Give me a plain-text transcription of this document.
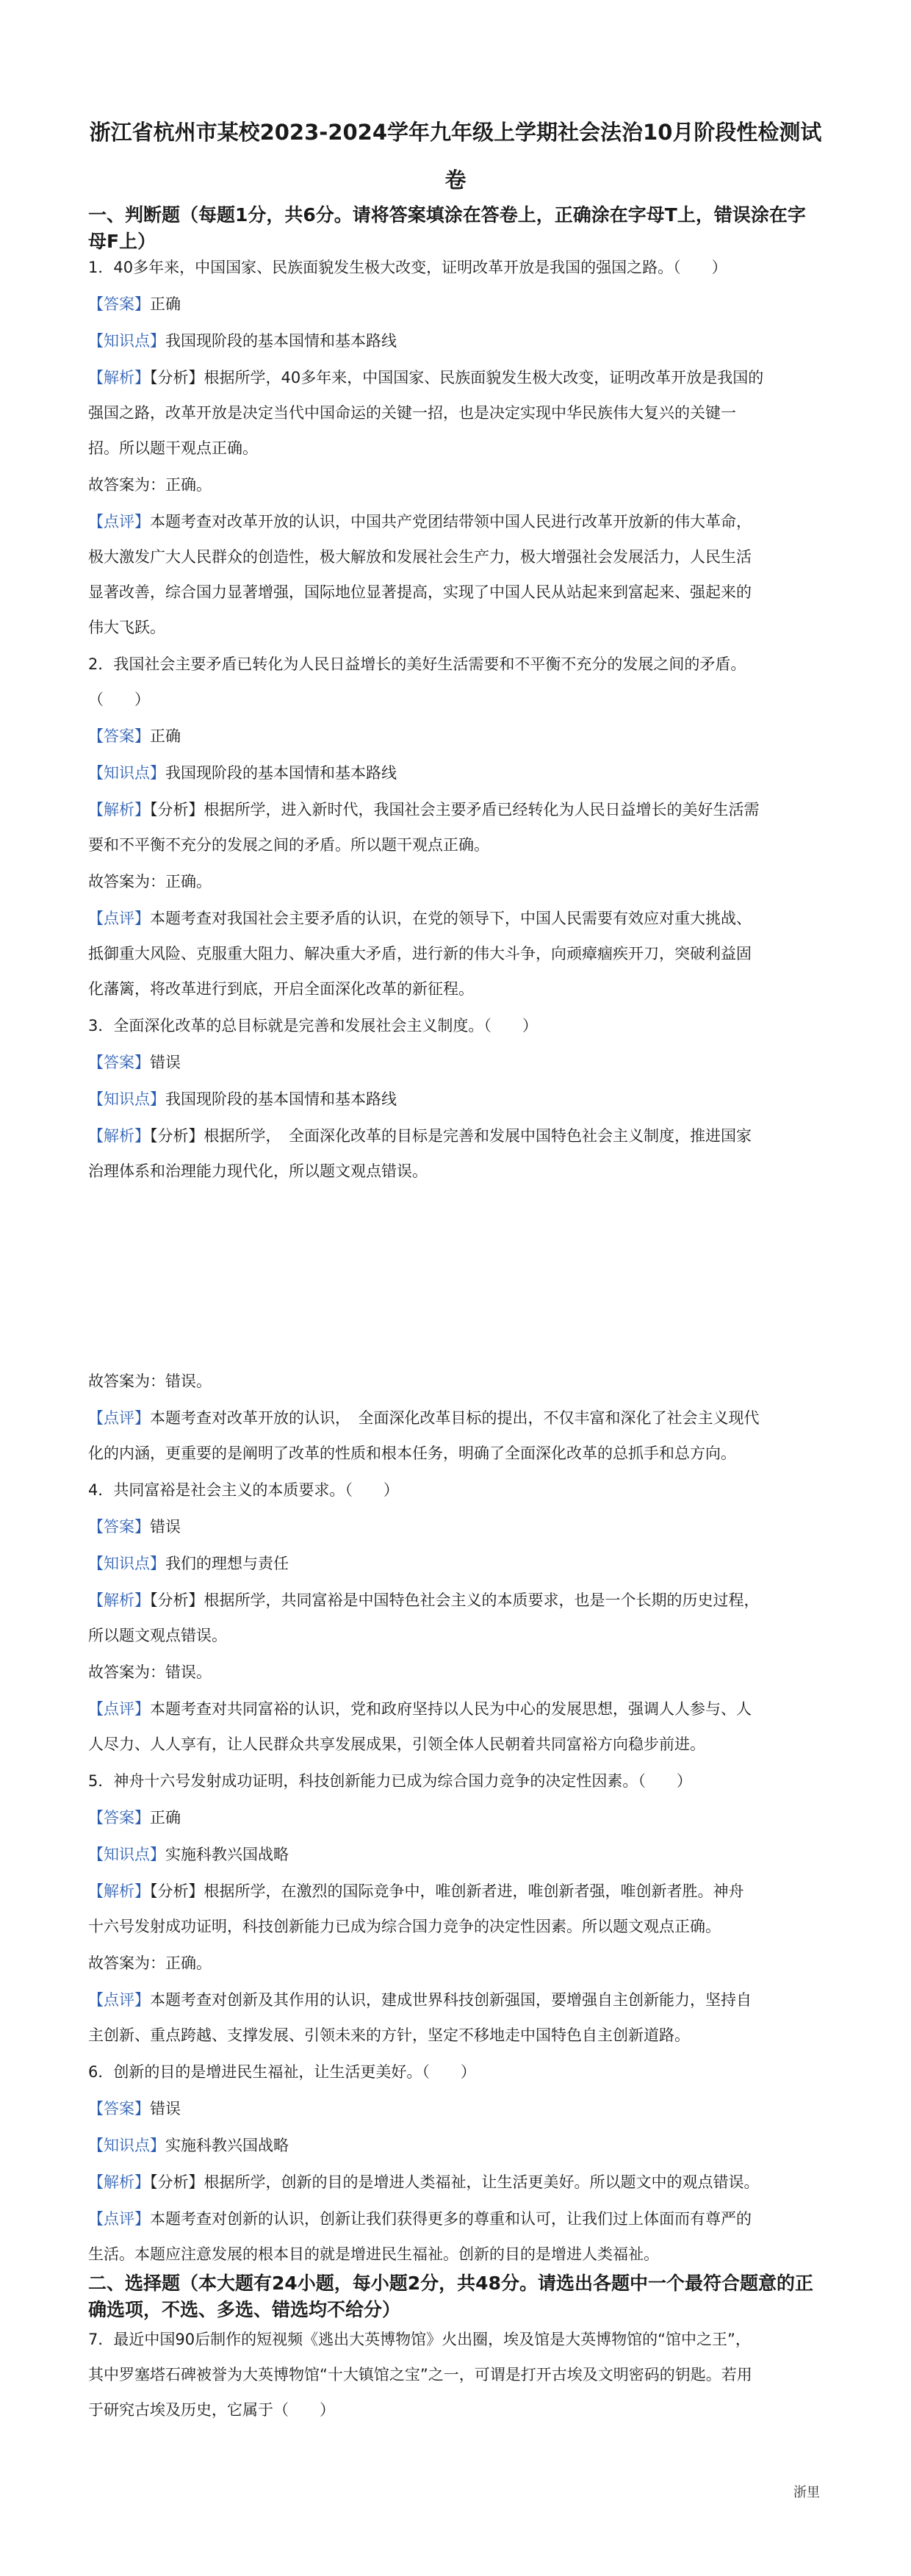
浙江省杭州市某校2023-2024学年九年级上学期社会法治10月阶段性检测试
卷
一、判断题（每题1分，共6分。请将答案填涂在答卷上，正确涂在字母T上，错误涂在字
母F上）
1．40多年来，中国国家、民族面貌发生极大改变，证明改革开放是我国的强国之路。（　　）
【答案】正确
【知识点】我国现阶段的基本国情和基本路线
【解析】【分析】根据所学，40多年来，中国国家、民族面貌发生极大改变，证明改革开放是我国的
强国之路，改革开放是决定当代中国命运的关键一招，也是决定实现中华民族伟大复兴的关键一
招。所以题干观点正确。
故答案为：正确。
【点评】本题考查对改革开放的认识，中国共产党团结带领中国人民进行改革开放新的伟大革命，
极大激发广大人民群众的创造性，极大解放和发展社会生产力，极大增强社会发展活力，人民生活
显著改善，综合国力显著增强，国际地位显著提高，实现了中国人民从站起来到富起来、强起来的
伟大飞跃。
2．我国社会主要矛盾已转化为人民日益增长的美好生活需要和不平衡不充分的发展之间的矛盾。
（　　）
【答案】正确
【知识点】我国现阶段的基本国情和基本路线
【解析】【分析】根据所学，进入新时代，我国社会主要矛盾已经转化为人民日益增长的美好生活需
要和不平衡不充分的发展之间的矛盾。所以题干观点正确。
故答案为：正确。
【点评】本题考查对我国社会主要矛盾的认识，在党的领导下，中国人民需要有效应对重大挑战、
抵御重大风险、克服重大阻力、解决重大矛盾，进行新的伟大斗争，向顽瘴痼疾开刀，突破利益固
化藩篱，将改革进行到底，开启全面深化改革的新征程。
3．全面深化改革的总目标就是完善和发展社会主义制度。（　　）
【答案】错误
【知识点】我国现阶段的基本国情和基本路线
【解析】【分析】根据所学，　全面深化改革的目标是完善和发展中国特色社会主义制度，推进国家
治理体系和治理能力现代化，所以题文观点错误。
故答案为：错误。
【点评】本题考查对改革开放的认识，　全面深化改革目标的提出，不仅丰富和深化了社会主义现代
化的内涵，更重要的是阐明了改革的性质和根本任务，明确了全面深化改革的总抓手和总方向。
4．共同富裕是社会主义的本质要求。（　　）
【答案】错误
【知识点】我们的理想与责任
【解析】【分析】根据所学，共同富裕是中国特色社会主义的本质要求，也是一个长期的历史过程，
所以题文观点错误。
故答案为：错误。
【点评】本题考查对共同富裕的认识，党和政府坚持以人民为中心的发展思想，强调人人参与、人
人尽力、人人享有，让人民群众共享发展成果，引领全体人民朝着共同富裕方向稳步前进。
5．神舟十六号发射成功证明，科技创新能力已成为综合国力竞争的决定性因素。（　　）
【答案】正确
【知识点】实施科教兴国战略
【解析】【分析】根据所学，在激烈的国际竞争中，唯创新者进，唯创新者强，唯创新者胜。神舟
十六号发射成功证明，科技创新能力已成为综合国力竞争的决定性因素。所以题文观点正确。
故答案为：正确。
【点评】本题考查对创新及其作用的认识，建成世界科技创新强国，要增强自主创新能力，坚持自
主创新、重点跨越、支撑发展、引领未来的方针，坚定不移地走中国特色自主创新道路。
6．创新的目的是增进民生福祉，让生活更美好。（　　）
【答案】错误
【知识点】实施科教兴国战略
【解析】【分析】根据所学，创新的目的是增进人类福祉，让生活更美好。所以题文中的观点错误。
【点评】本题考查对创新的认识，创新让我们获得更多的尊重和认可，让我们过上体面而有尊严的
生活。本题应注意发展的根本目的就是增进民生福祉。创新的目的是增进人类福祉。
二、选择题（本大题有24小题，每小题2分，共48分。请选出各题中一个最符合题意的正
确选项，不选、多选、错选均不给分）
7．最近中国90后制作的短视频《逃出大英博物馆》火出圈，埃及馆是大英博物馆的“馆中之王”，
其中罗塞塔石碑被誉为大英博物馆“十大镇馆之宝”之一，可谓是打开古埃及文明密码的钥匙。若用
于研究古埃及历史，它属于（　　）
浙里
